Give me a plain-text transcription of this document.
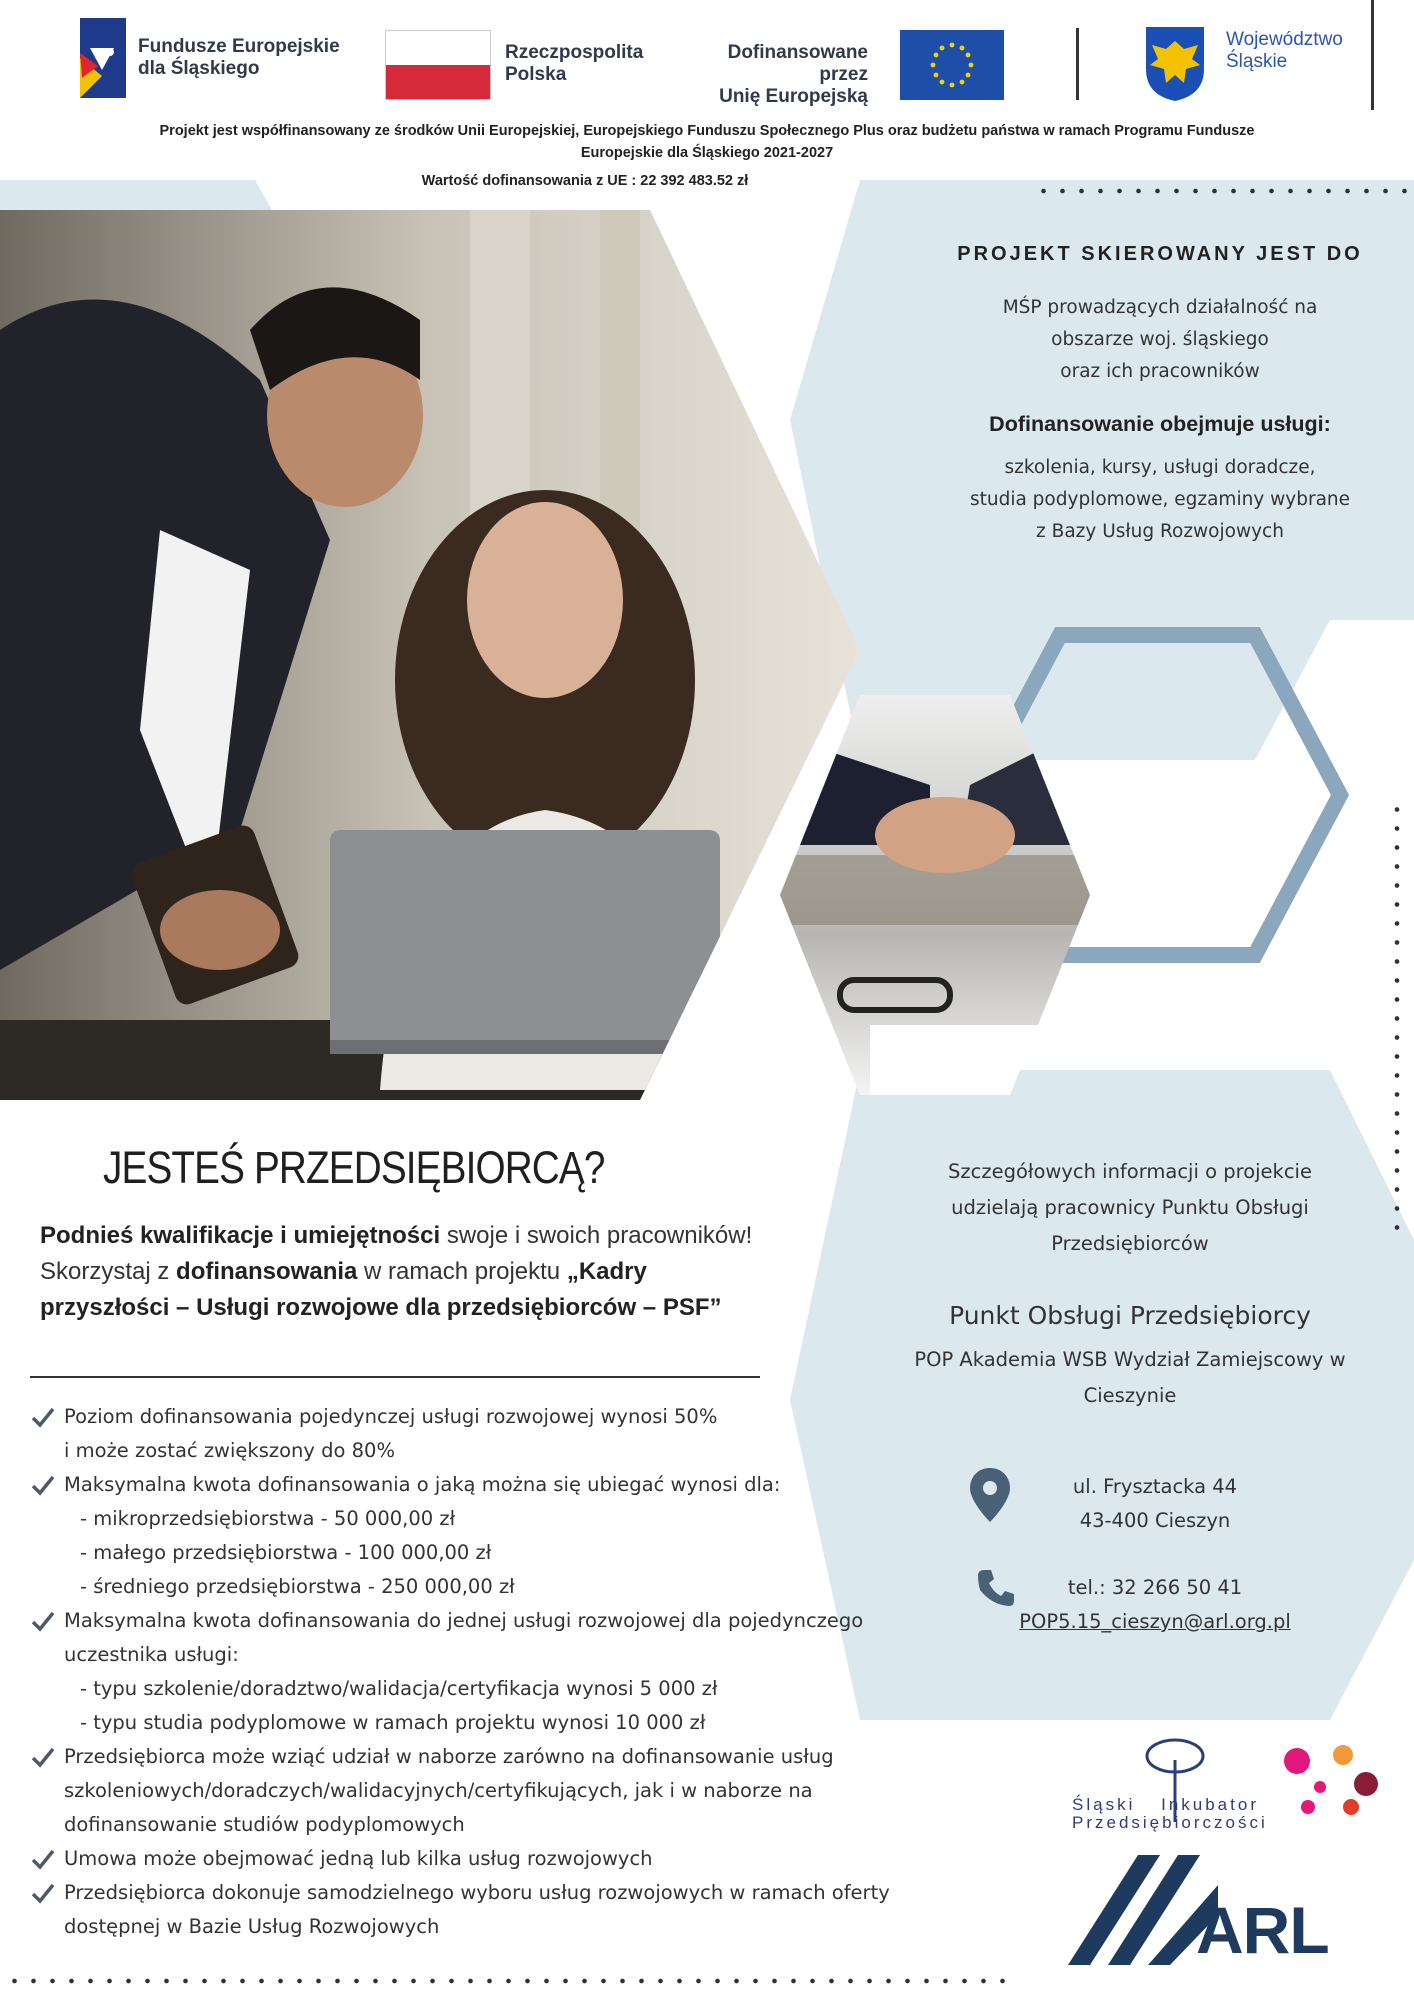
Fundusze Europejskie
dla Śląskiego
Rzeczpospolita
Polska
Dofinansowane przez
Unię Europejską
Województwo
Śląskie
Projekt jest współfinansowany ze środków Unii Europejskiej, Europejskiego Funduszu Społecznego Plus oraz budżetu państwa w ramach Programu Fundusze
Europejskie dla Śląskiego 2021-2027
Wartość dofinansowania z UE : 22 392 483.52 zł
PROJEKT SKIEROWANY JEST DO
MŚP prowadzących działalność na
obszarze woj. śląskiego
oraz ich pracowników
Dofinansowanie obejmuje usługi:
szkolenia, kursy, usługi doradcze,
studia podyplomowe, egzaminy wybrane
z Bazy Usług Rozwojowych
JESTEŚ PRZEDSIĘBIORCĄ?
Podnieś kwalifikacje i umiejętności swoje i swoich pracowników! Skorzystaj z dofinansowania w ramach projektu „Kadry przyszłości – Usługi rozwojowe dla przedsiębiorców – PSF”
Poziom dofinansowania pojedynczej usługi rozwojowej wynosi 50%
i może zostać zwiększony do 80%
Maksymalna kwota dofinansowania o jaką można się ubiegać wynosi dla:
- mikroprzedsiębiorstwa - 50 000,00 zł
- małego przedsiębiorstwa - 100 000,00 zł
- średniego przedsiębiorstwa - 250 000,00 zł
Maksymalna kwota dofinansowania do jednej usługi rozwojowej dla pojedynczego
uczestnika usługi:
- typu szkolenie/doradztwo/walidacja/certyfikacja wynosi 5 000 zł
- typu studia podyplomowe w ramach projektu wynosi 10 000 zł
Przedsiębiorca może wziąć udział w naborze zarówno na dofinansowanie usług
szkoleniowych/doradczych/walidacyjnych/certyfikujących, jak i w naborze na
dofinansowanie studiów podyplomowych
Umowa może obejmować jedną lub kilka usług rozwojowych
Przedsiębiorca dokonuje samodzielnego wyboru usług rozwojowych w ramach oferty
dostępnej w Bazie Usług Rozwojowych
Szczegółowych informacji o projekcie
udzielają pracownicy Punktu Obsługi
Przedsiębiorców
Punkt Obsługi Przedsiębiorcy
POP Akademia WSB Wydział Zamiejscowy w
Cieszynie
ul. Frysztacka 44
43-400 Cieszyn
tel.: 32 266 50 41
POP5.15_cieszyn@arl.org.pl
Śląski Inkubator
Przedsiębiorczości
ARL
